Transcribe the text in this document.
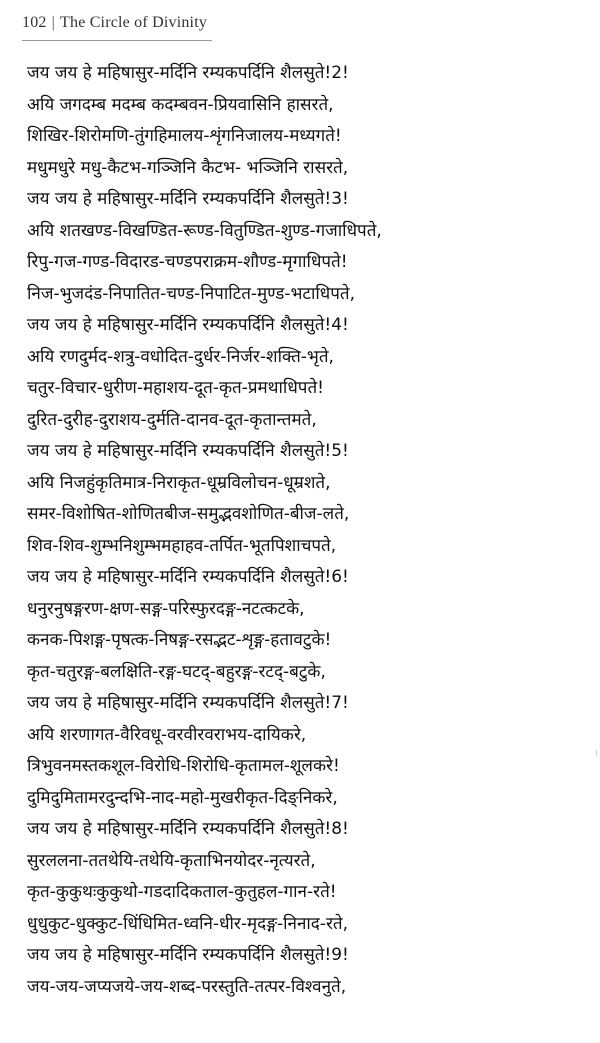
102 | The Circle of Divinity
जय जय हे महिषासुर-मर्दिनि रम्यकपर्दिनि शैलसुते!2!
अयि जगदम्ब मदम्ब कदम्बवन-प्रियवासिनि हासरते,
शिखिर-शिरोमणि-तुंगहिमालय-शृंगनिजालय-मध्यगते!
मधुमधुरे मधु-कैटभ-गञ्जिनि कैटभ- भञ्जिनि रासरते,
जय जय हे महिषासुर-मर्दिनि रम्यकपर्दिनि शैलसुते!3!
अयि शतखण्ड-विखण्डित-रूण्ड-वितुण्डित-शुण्ड-गजाधिपते,
रिपु-गज-गण्ड-विदारड-चण्डपराक्रम-शौण्ड-मृगाधिपते!
निज-भुजदंड-निपातित-चण्ड-निपाटित-मुण्ड-भटाधिपते,
जय जय हे महिषासुर-मर्दिनि रम्यकपर्दिनि शैलसुते!4!
अयि रणदुर्मद-शत्रु-वधोदित-दुर्धर-निर्जर-शक्ति-भृते,
चतुर-विचार-धुरीण-महाशय-दूत-कृत-प्रमथाधिपते!
दुरित-दुरीह-दुराशय-दुर्मति-दानव-दूत-कृतान्तमते,
जय जय हे महिषासुर-मर्दिनि रम्यकपर्दिनि शैलसुते!5!
अयि निजहुंकृतिमात्र-निराकृत-धूम्रविलोचन-धूम्रशते,
समर-विशोषित-शोणितबीज-समुद्भवशोणित-बीज-लते,
शिव-शिव-शुम्भनिशुम्भमहाहव-तर्पित-भूतपिशाचपते,
जय जय हे महिषासुर-मर्दिनि रम्यकपर्दिनि शैलसुते!6!
धनुरनुषङ्गरण-क्षण-सङ्ग-परिस्फुरदङ्ग-नटत्कटके,
कनक-पिशङ्ग-पृषत्क-निषङ्ग-रसद्भट-शृङ्ग-हतावटुके!
कृत-चतुरङ्ग-बलक्षिति-रङ्ग-घटद्-बहुरङ्ग-रटद्-बटुके,
जय जय हे महिषासुर-मर्दिनि रम्यकपर्दिनि शैलसुते!7!
अयि शरणागत-वैरिवधू-वरवीरवराभय-दायिकरे,
त्रिभुवनमस्तकशूल-विरोधि-शिरोधि-कृतामल-शूलकरे!
दुमिदुमितामरदुन्दभि-नाद-महो-मुखरीकृत-दिङ्निकरे,
जय जय हे महिषासुर-मर्दिनि रम्यकपर्दिनि शैलसुते!8!
सुरललना-ततथेयि-तथेयि-कृताभिनयोदर-नृत्यरते,
कृत-कुकुथःकुकुथो-गडदादिकताल-कुतुहल-गान-रते!
धुधुकुट-धुक्कुट-धिंधिमित-ध्वनि-धीर-मृदङ्ग-निनाद-रते,
जय जय हे महिषासुर-मर्दिनि रम्यकपर्दिनि शैलसुते!9!
जय-जय-जप्यजये-जय-शब्द-परस्तुति-तत्पर-विश्वनुते,
